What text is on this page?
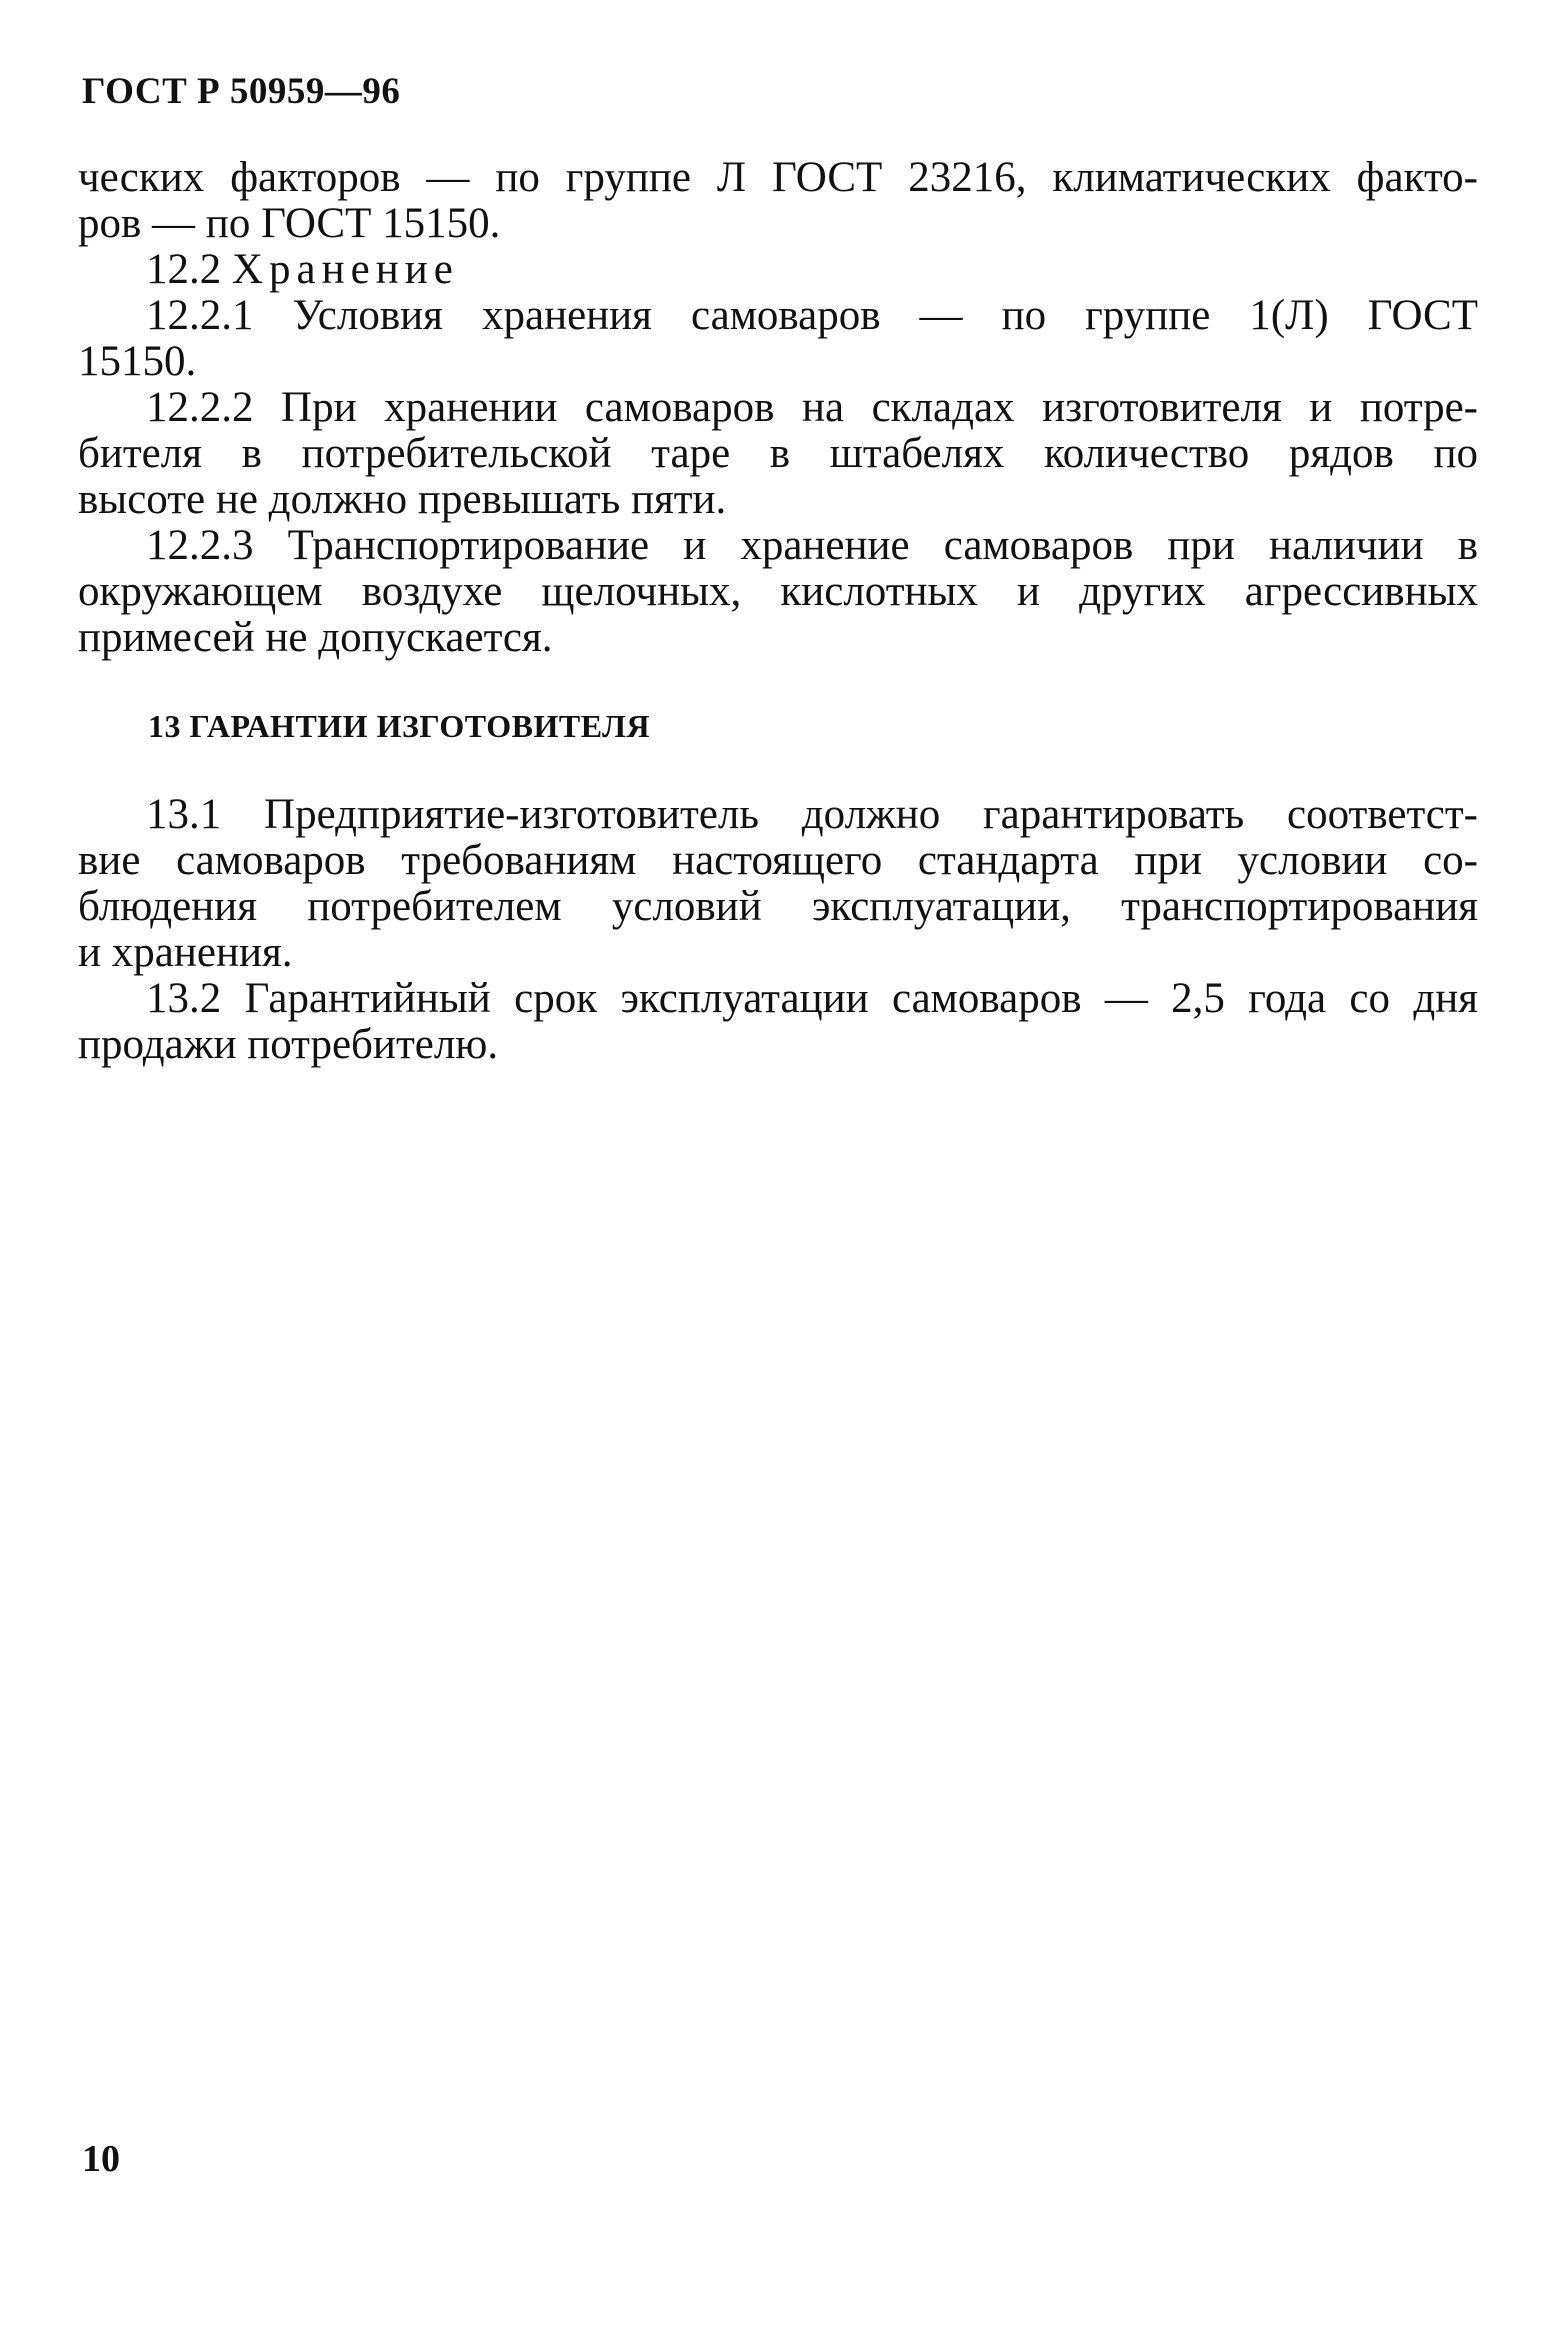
ГОСТ Р 50959—96
ческих факторов — по группе Л ГОСТ 23216, климатических факто-
ров — по ГОСТ 15150.
12.2 Хранение
12.2.1 Условия хранения самоваров — по группе 1(Л) ГОСТ
15150.
12.2.2 При хранении самоваров на складах изготовителя и потре-
бителя в потребительской таре в штабелях количество рядов по
высоте не должно превышать пяти.
12.2.3 Транспортирование и хранение самоваров при наличии в
окружающем воздухе щелочных, кислотных и других агрессивных
примесей не допускается.
13 ГАРАНТИИ ИЗГОТОВИТЕЛЯ
13.1 Предприятие-изготовитель должно гарантировать соответст-
вие самоваров требованиям настоящего стандарта при условии со-
блюдения потребителем условий эксплуатации, транспортирования
и хранения.
13.2 Гарантийный срок эксплуатации самоваров — 2,5 года со дня
продажи потребителю.
10
